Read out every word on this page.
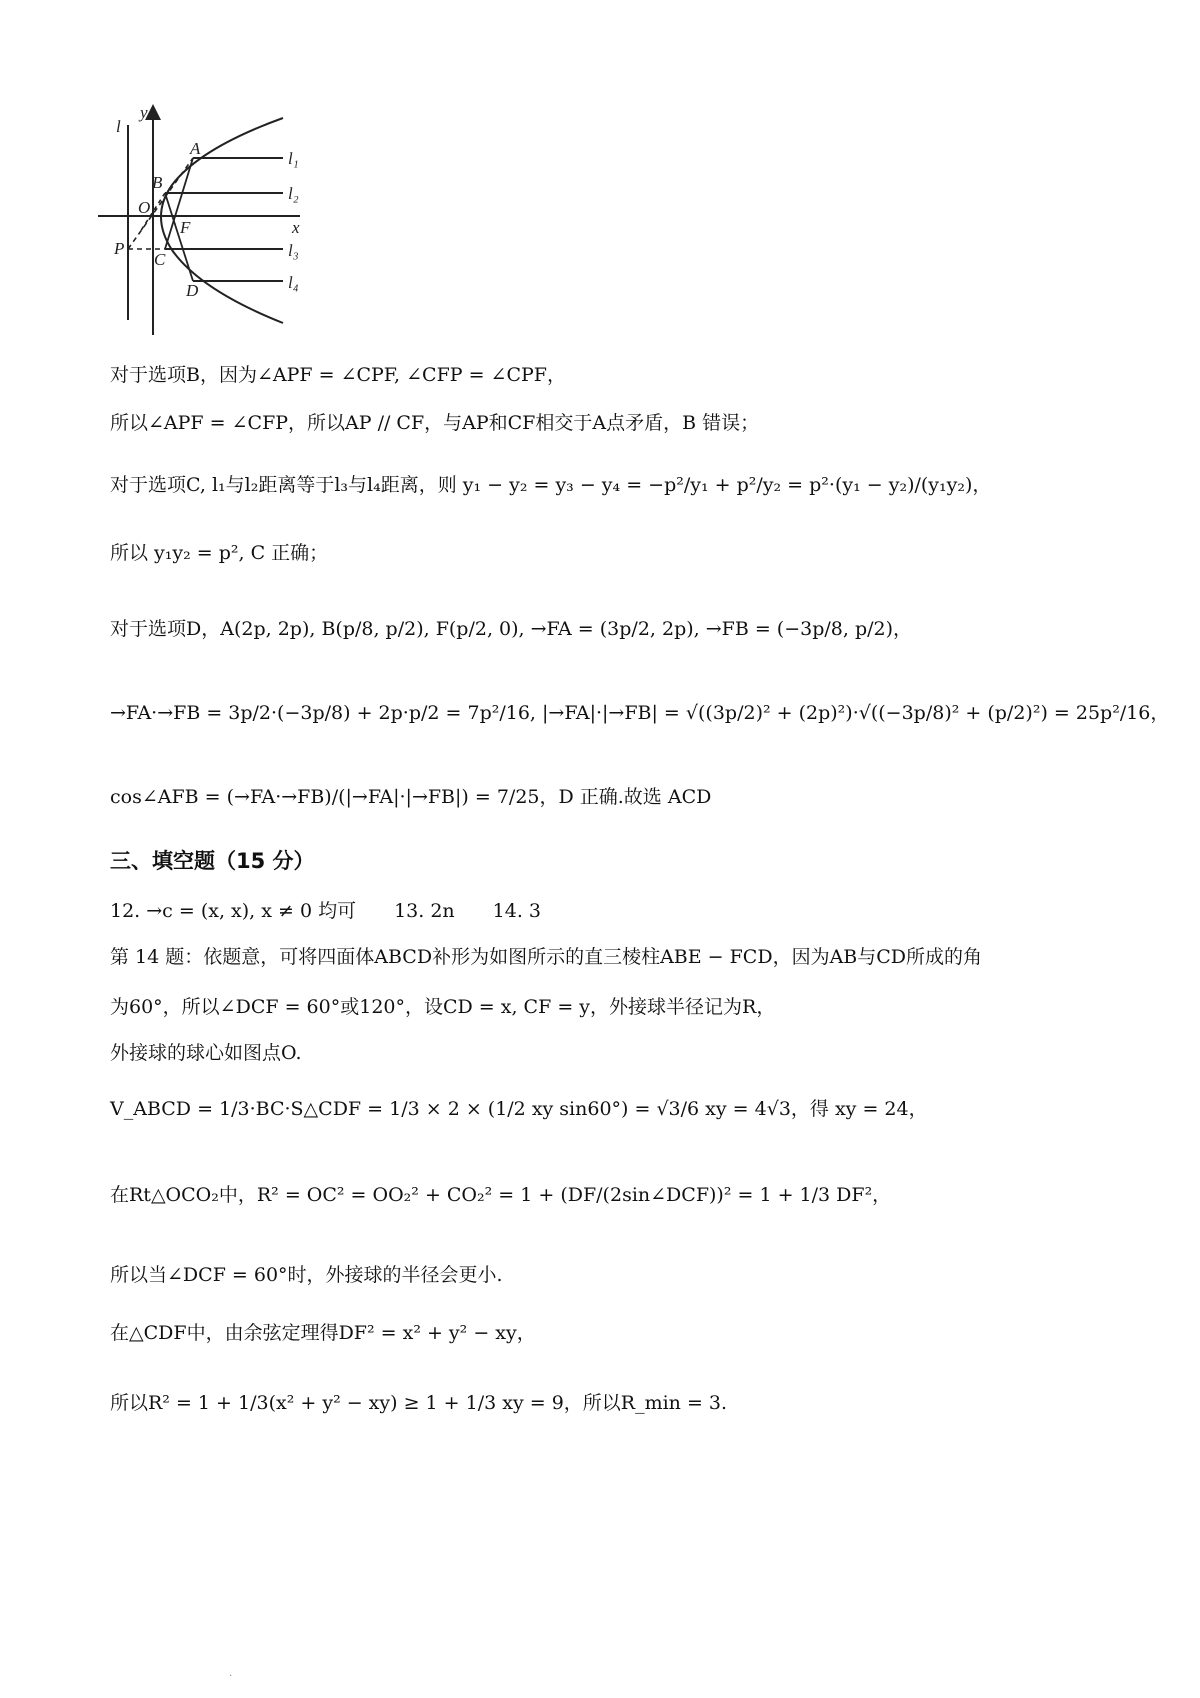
l
y
x
A
B
O
F
P
C
D
l₁
l₂
l₃
l₄
对于选项B，因为∠APF = ∠CPF, ∠CFP = ∠CPF，
所以∠APF = ∠CFP，所以AP // CF，与AP和CF相交于A点矛盾，B 错误；
对于选项C, l₁与l₂距离等于l₃与l₄距离，则 y₁ − y₂ = y₃ − y₄ = −p²/y₁ + p²/y₂ = p²·(y₁ − y₂)/(y₁y₂)，
所以 y₁y₂ = p², C 正确；
对于选项D，A(2p, 2p), B(p/8, p/2), F(p/2, 0), →FA = (3p/2, 2p), →FB = (−3p/8, p/2)，
→FA·→FB = 3p/2·(−3p/8) + 2p·p/2 = 7p²/16, |→FA|·|→FB| = √((3p/2)² + (2p)²)·√((−3p/8)² + (p/2)²) = 25p²/16，
cos∠AFB = (→FA·→FB)/(|→FA|·|→FB|) = 7/25，D 正确.故选 ACD
三、填空题（15 分）
12. →c = (x, x), x ≠ 0 均可　　13. 2n　　14. 3
第 14 题：依题意，可将四面体ABCD补形为如图所示的直三棱柱ABE − FCD，因为AB与CD所成的角
为60°，所以∠DCF = 60°或120°，设CD = x, CF = y，外接球半径记为R，
外接球的球心如图点O.
V_ABCD = 1/3·BC·S△CDF = 1/3 × 2 × (1/2 xy sin60°) = √3/6 xy = 4√3，得 xy = 24，
在Rt△OCO₂中，R² = OC² = OO₂² + CO₂² = 1 + (DF/(2sin∠DCF))² = 1 + 1/3 DF²，
所以当∠DCF = 60°时，外接球的半径会更小.
在△CDF中，由余弦定理得DF² = x² + y² − xy，
所以R² = 1 + 1/3(x² + y² − xy) ≥ 1 + 1/3 xy = 9，所以R_min = 3.
.
